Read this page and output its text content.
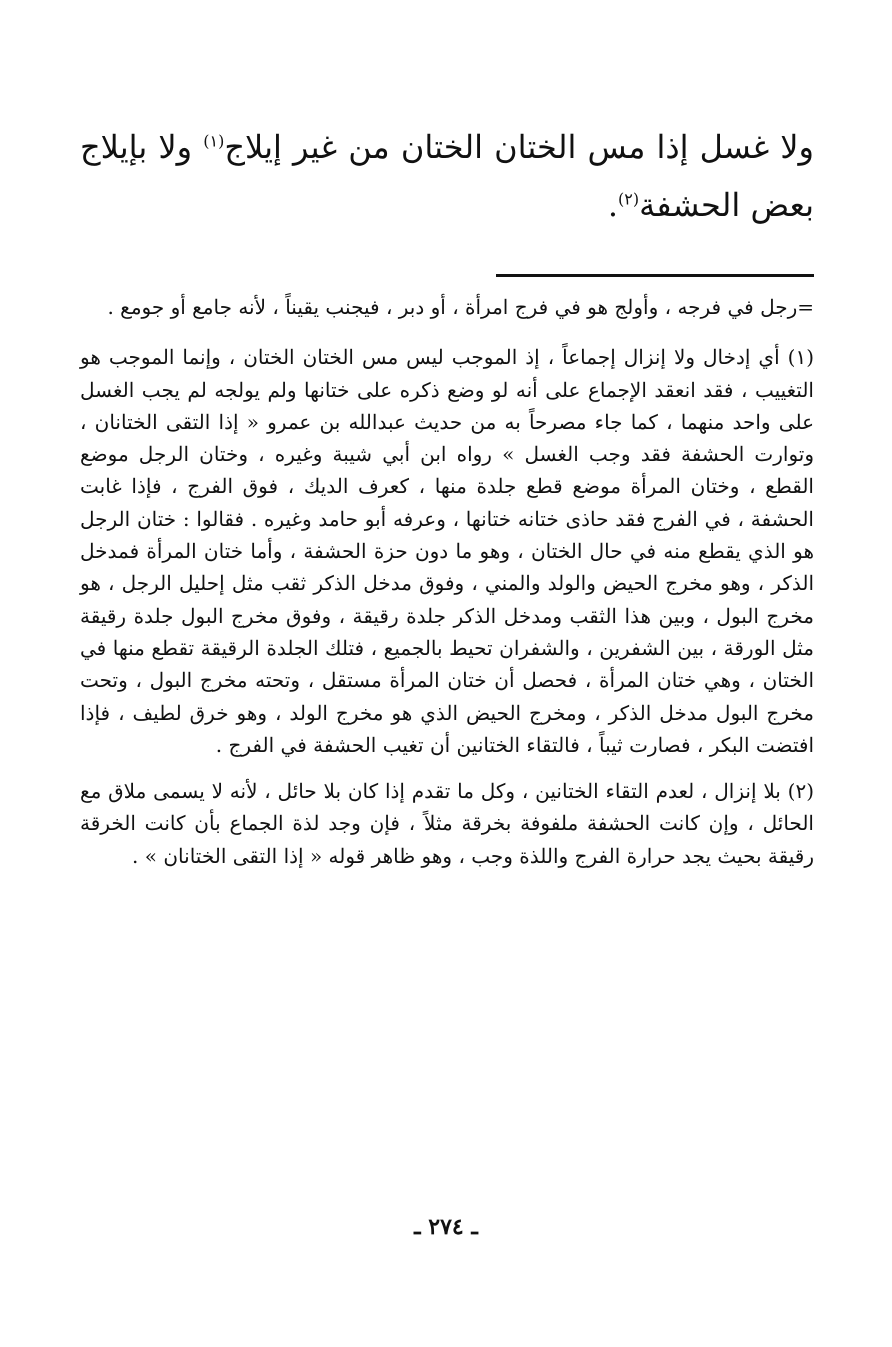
ولا غسل إذا مس الختان الختان من غير إيلاج$^{(١)}$ ولا بإيلاج بعض الحشفة$^{(٢)}$.

=رجل في فرجه ، وأولج هو في فرج امرأة ، أو دبر ، فيجنب يقيناً ، لأنه جامع أو جومع .

(١) أي إدخال ولا إنزال إجماعاً ، إذ الموجب ليس مس الختان الختان ، وإنما الموجب هو التغييب ، فقد انعقد الإجماع على أنه لو وضع ذكره على ختانها ولم يولجه لم يجب الغسل على واحد منهما ، كما جاء مصرحاً به من حديث عبدالله بن عمرو « إذا التقى الختانان ، وتوارت الحشفة فقد وجب الغسل » رواه ابن أبي شيبة وغيره ، وختان الرجل موضع القطع ، وختان المرأة موضع قطع جلدة منها ، كعرف الديك ، فوق الفرج ، فإذا غابت الحشفة ، في الفرج فقد حاذى ختانه ختانها ، وعرفه أبو حامد وغيره . فقالوا : ختان الرجل هو الذي يقطع منه في حال الختان ، وهو ما دون حزة الحشفة ، وأما ختان المرأة فمدخل الذكر ، وهو مخرج الحيض والولد والمني ، وفوق مدخل الذكر ثقب مثل إحليل الرجل ، هو مخرج البول ، وبين هذا الثقب ومدخل الذكر جلدة رقيقة ، وفوق مخرج البول جلدة رقيقة مثل الورقة ، بين الشفرين ، والشفران تحيط بالجميع ، فتلك الجلدة الرقيقة تقطع منها في الختان ، وهي ختان المرأة ، فحصل أن ختان المرأة مستقل ، وتحته مخرج البول ، وتحت مخرج البول مدخل الذكر ، ومخرج الحيض الذي هو مخرج الولد ، وهو خرق لطيف ، فإذا افتضت البكر ، فصارت ثيباً ، فالتقاء الختانين أن تغيب الحشفة في الفرج .

(٢) بلا إنزال ، لعدم التقاء الختانين ، وكل ما تقدم إذا كان بلا حائل ، لأنه لا يسمى ملاق مع الحائل ، وإن كانت الحشفة ملفوفة بخرقة مثلاً ، فإن وجد لذة الجماع بأن كانت الخرقة رقيقة بحيث يجد حرارة الفرج واللذة وجب ، وهو ظاهر قوله « إذا التقى الختانان » .

ـ ٢٧٤ ـ
